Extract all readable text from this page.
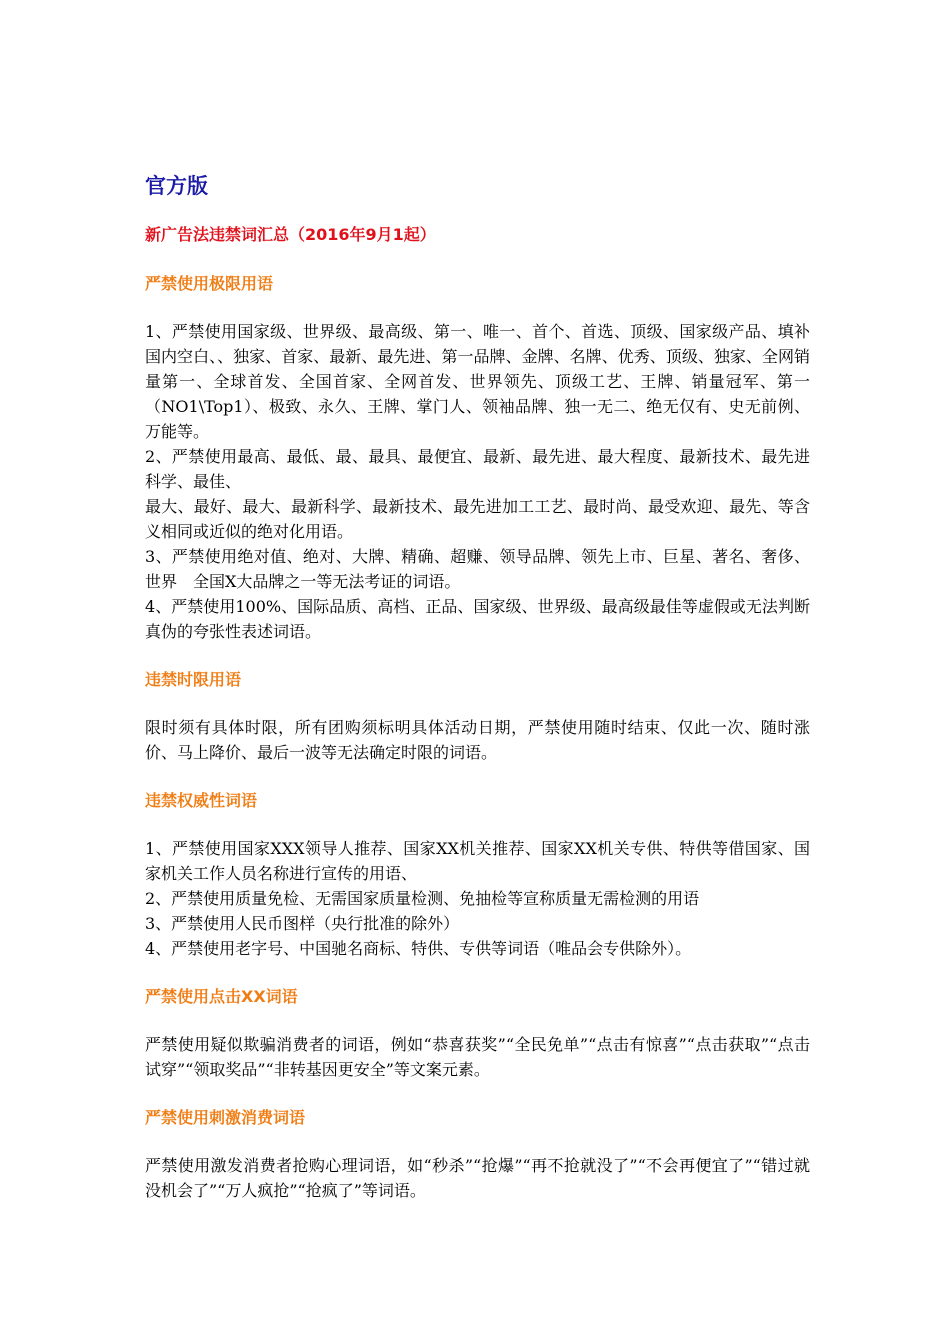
官方版
新广告法违禁词汇总（2016年9月1起）
严禁使用极限用语

1、严禁使用国家级、世界级、最高级、第一、唯一、首个、首选、顶级、国家级产品、填补国内空白、、独家、首家、最新、最先进、第一品牌、金牌、名牌、优秀、顶级、独家、全网销量第一、全球首发、全国首家、全网首发、世界领先、顶级工艺、王牌、销量冠军、第一（NO1\Top1）、极致、永久、王牌、掌门人、领袖品牌、独一无二、绝无仅有、史无前例、万能等。

2、严禁使用最高、最低、最、最具、最便宜、最新、最先进、最大程度、最新技术、最先进科学、最佳、

最大、最好、最大、最新科学、最新技术、最先进加工工艺、最时尚、最受欢迎、最先、等含义相同或近似的绝对化用语。

3、严禁使用绝对值、绝对、大牌、精确、超赚、领导品牌、领先上市、巨星、著名、奢侈、世界　全国X大品牌之一等无法考证的词语。

4、严禁使用100%、国际品质、高档、正品、国家级、世界级、最高级最佳等虚假或无法判断真伪的夸张性表述词语。

违禁时限用语

限时须有具体时限，所有团购须标明具体活动日期，严禁使用随时结束、仅此一次、随时涨价、马上降价、最后一波等无法确定时限的词语。

违禁权威性词语

1、严禁使用国家XXX领导人推荐、国家XX机关推荐、国家XX机关专供、特供等借国家、国家机关工作人员名称进行宣传的用语、

2、严禁使用质量免检、无需国家质量检测、免抽检等宣称质量无需检测的用语

3、严禁使用人民币图样（央行批准的除外）

4、严禁使用老字号、中国驰名商标、特供、专供等词语（唯品会专供除外）。

严禁使用点击XX词语

严禁使用疑似欺骗消费者的词语，例如“恭喜获奖”“全民免单”“点击有惊喜”“点击获取”“点击试穿”“领取奖品”“非转基因更安全”等文案元素。

严禁使用刺激消费词语

严禁使用激发消费者抢购心理词语，如“秒杀”“抢爆”“再不抢就没了”“不会再便宜了”“错过就没机会了”“万人疯抢”“抢疯了”等词语。
